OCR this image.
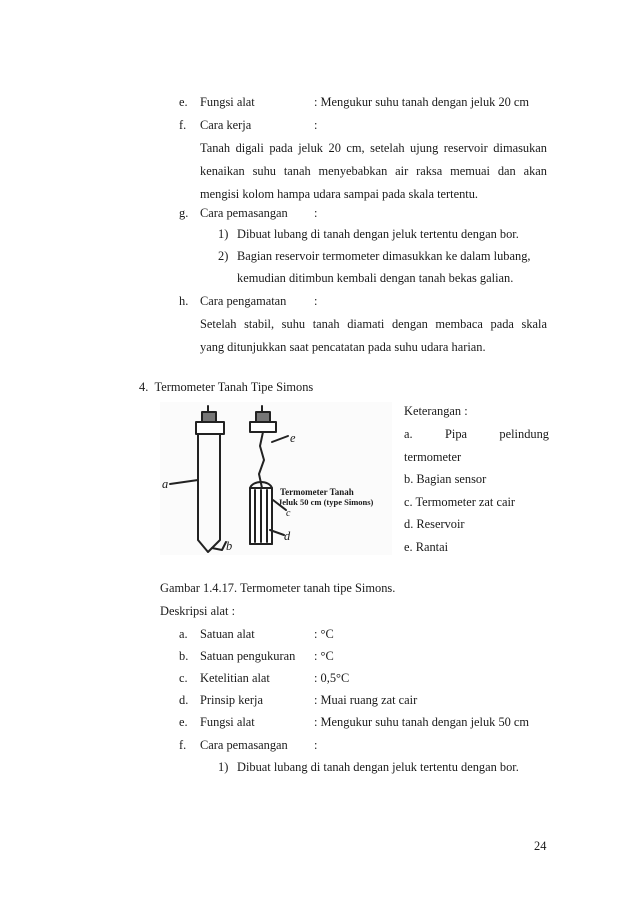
e. Fungsi alat	: Mengukur suhu tanah dengan jeluk 20 cm
f. Cara kerja	:
Tanah digali pada jeluk 20 cm, setelah ujung reservoir dimasukan
kenaikan suhu tanah menyebabkan air raksa memuai dan akan
mengisi kolom hampa udara sampai pada skala tertentu.
g. Cara pemasangan :
1) Dibuat lubang di tanah dengan jeluk tertentu dengan bor.
2) Bagian reservoir termometer dimasukkan ke dalam lubang,
kemudian ditimbun kembali dengan tanah bekas galian.
h. Cara pengamatan :
Setelah stabil, suhu tanah diamati dengan membaca pada skala
yang ditunjukkan saat pencatatan pada suhu udara harian.
4.  Termometer Tanah Tipe Simons
a
b
e
c
d
Termometer Tanah
Jeluk 50 cm (type Simons)
Keterangan :
a.	Pipa	pelindung
termometer
b. Bagian sensor
c. Termometer zat cair
d. Reservoir
e. Rantai
Gambar 1.4.17. Termometer tanah tipe Simons.
Deskripsi alat :
a. Satuan alat	: °C
b. Satuan pengukuran : °C
c. Ketelitian alat	: 0,5°C
d. Prinsip kerja	: Muai ruang zat cair
e. Fungsi alat	: Mengukur suhu tanah dengan jeluk 50 cm
f. Cara pemasangan :
1) Dibuat lubang di tanah dengan jeluk tertentu dengan bor.
24
